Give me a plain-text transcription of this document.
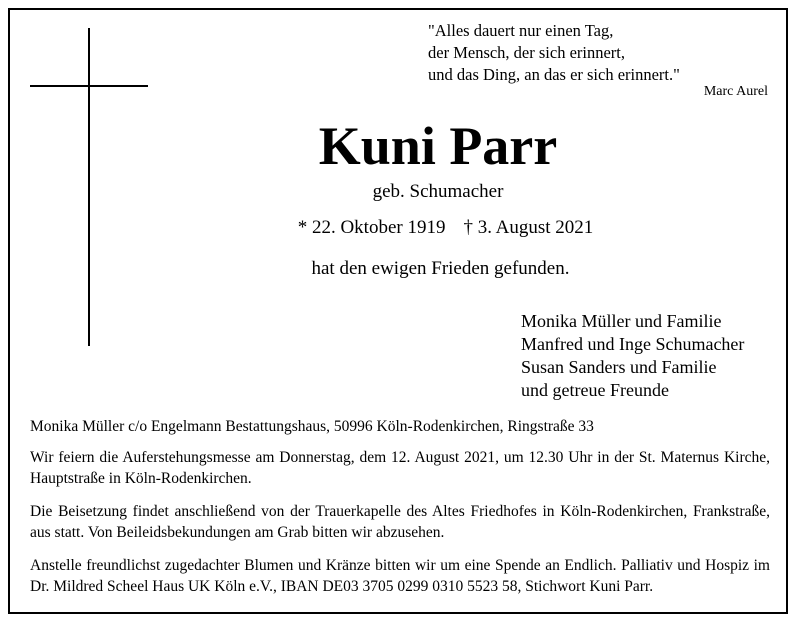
"Alles dauert nur einen Tag,
der Mensch, der sich erinnert,
und das Ding, an das er sich erinnert."
Marc Aurel
Kuni Parr
geb. Schumacher
* 22. Oktober 1919 † 3. August 2021
hat den ewigen Frieden gefunden.
Monika Müller und Familie
Manfred und Inge Schumacher
Susan Sanders und Familie
und getreue Freunde
Monika Müller c/o Engelmann Bestattungshaus, 50996 Köln-Rodenkirchen, Ringstraße 33
Wir feiern die Auferstehungsmesse am Donnerstag, dem 12. August 2021, um 12.30 Uhr in der St. Maternus Kirche, Hauptstraße in Köln-Rodenkirchen.
Die Beisetzung findet anschließend von der Trauerkapelle des Altes Friedhofes in Köln-Rodenkirchen, Frankstraße, aus statt. Von Beileidsbekundungen am Grab bitten wir abzusehen.
Anstelle freundlichst zugedachter Blumen und Kränze bitten wir um eine Spende an Endlich. Palliativ und Hospiz im Dr. Mildred Scheel Haus UK Köln e.V., IBAN DE03 3705 0299 0310 5523 58, Stichwort Kuni Parr.
